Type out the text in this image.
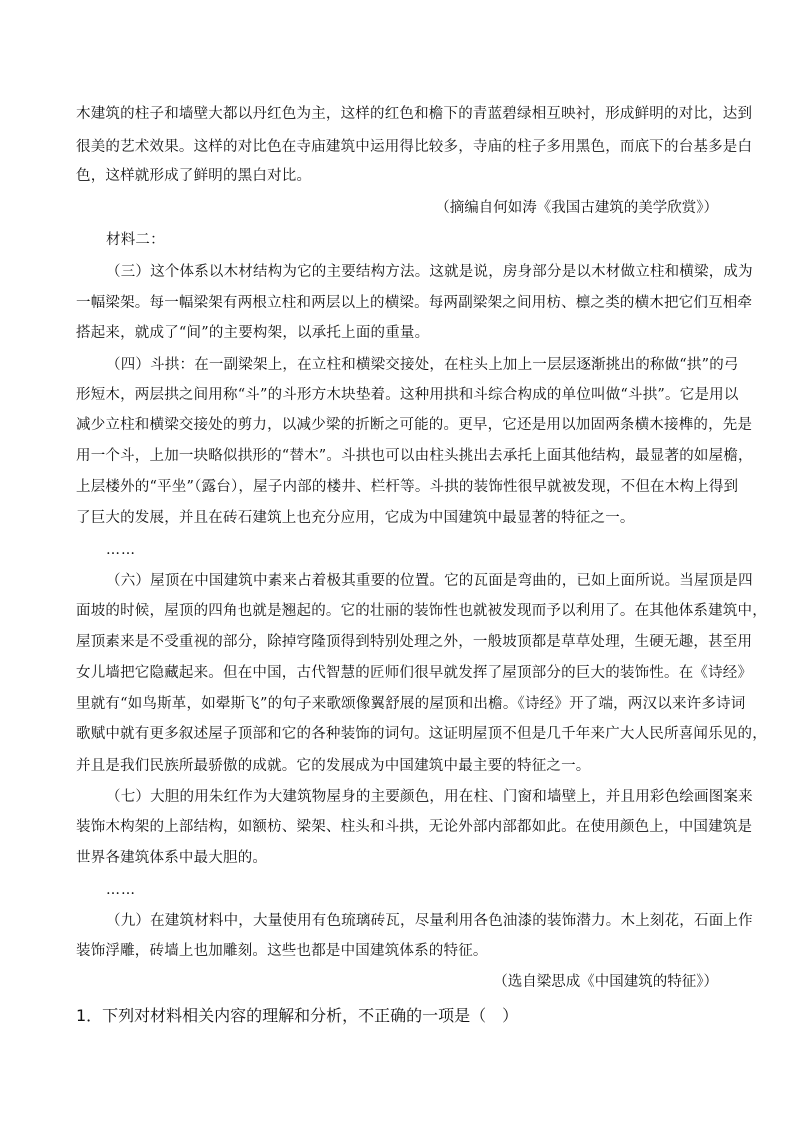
木建筑的柱子和墙壁大都以丹红色为主，这样的红色和檐下的青蓝碧绿相互映衬，形成鲜明的对比，达到
很美的艺术效果。这样的对比色在寺庙建筑中运用得比较多，寺庙的柱子多用黑色，而底下的台基多是白
色，这样就形成了鲜明的黑白对比。
（摘编自何如涛《我国古建筑的美学欣赏》）
材料二：
（三）这个体系以木材结构为它的主要结构方法。这就是说，房身部分是以木材做立柱和横梁，成为
一幅梁架。每一幅梁架有两根立柱和两层以上的横梁。每两副梁架之间用枋、檩之类的横木把它们互相牵
搭起来，就成了“间”的主要构架，以承托上面的重量。
（四）斗拱：在一副梁架上，在立柱和横梁交接处，在柱头上加上一层层逐渐挑出的称做“拱”的弓
形短木，两层拱之间用称“斗”的斗形方木块垫着。这种用拱和斗综合构成的单位叫做“斗拱”。它是用以
减少立柱和横梁交接处的剪力，以减少梁的折断之可能的。更早，它还是用以加固两条横木接榫的，先是
用一个斗，上加一块略似拱形的“替木”。斗拱也可以由柱头挑出去承托上面其他结构，最显著的如屋檐，
上层楼外的“平坐”（露台），屋子内部的楼井、栏杆等。斗拱的装饰性很早就被发现，不但在木构上得到
了巨大的发展，并且在砖石建筑上也充分应用，它成为中国建筑中最显著的特征之一。
……
（六）屋顶在中国建筑中素来占着极其重要的位置。它的瓦面是弯曲的，已如上面所说。当屋顶是四
面坡的时候，屋顶的四角也就是翘起的。它的壮丽的装饰性也就被发现而予以利用了。在其他体系建筑中，
屋顶素来是不受重视的部分，除掉穹隆顶得到特别处理之外，一般坡顶都是草草处理，生硬无趣，甚至用
女儿墙把它隐藏起来。但在中国，古代智慧的匠师们很早就发挥了屋顶部分的巨大的装饰性。在《诗经》
里就有“如鸟斯革，如翚斯飞”的句子来歌颂像翼舒展的屋顶和出檐。《诗经》开了端，两汉以来许多诗词
歌赋中就有更多叙述屋子顶部和它的各种装饰的词句。这证明屋顶不但是几千年来广大人民所喜闻乐见的，
并且是我们民族所最骄傲的成就。它的发展成为中国建筑中最主要的特征之一。
（七）大胆的用朱红作为大建筑物屋身的主要颜色，用在柱、门窗和墙壁上，并且用彩色绘画图案来
装饰木构架的上部结构，如额枋、梁架、柱头和斗拱，无论外部内部都如此。在使用颜色上，中国建筑是
世界各建筑体系中最大胆的。
……
（九）在建筑材料中，大量使用有色琉璃砖瓦，尽量利用各色油漆的装饰潜力。木上刻花，石面上作
装饰浮雕，砖墙上也加雕刻。这些也都是中国建筑体系的特征。
（选自梁思成《中国建筑的特征》）
1．下列对材料相关内容的理解和分析，不正确的一项是（　）
